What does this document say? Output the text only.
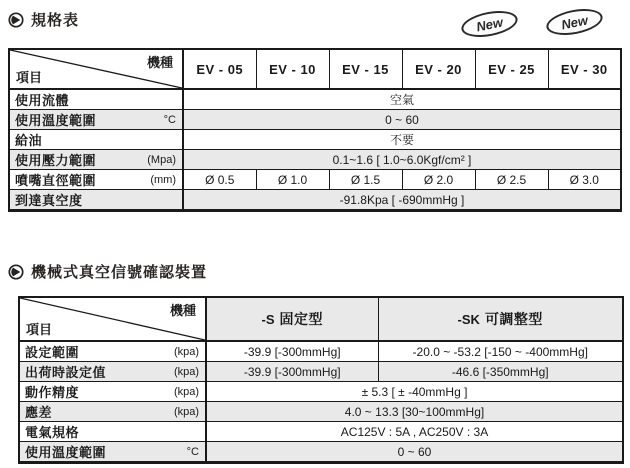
規格表	New	New
機種
項目	EV - 05	EV - 10	EV - 15	EV - 20	EV - 25	EV - 30

使用流體	空氣					

使用溫度範圍 °C	0 ~ 60					

給油	不要					

使用壓力範圍 (Mpa)	0.1~1.6 [ 1.0~6.0Kgf/cm² ]					

噴嘴直徑範圍 (mm)	Ø 0.5	Ø 1.0	Ø 1.5	Ø 2.0	Ø 2.5	Ø 3.0

到達真空度	-91.8Kpa [ -690mmHg ]					
機械式真空信號確認裝置
機種
項目	-S 固定型	-SK 可調整型

設定範圍 (kpa)	-39.9 [-300mmHg]	-20.0 ~ -53.2 [-150 ~ -400mmHg]

出荷時設定值 (kpa)	-39.9 [-300mmHg]	-46.6 [-350mmHg]

動作精度 (kpa)	± 5.3 [ ± -40mmHg ]	

應差 (kpa)	4.0 ~ 13.3 [30~100mmHg]	

電氣規格	AC125V : 5A , AC250V : 3A	

使用溫度範圍 °C	0 ~ 60	
